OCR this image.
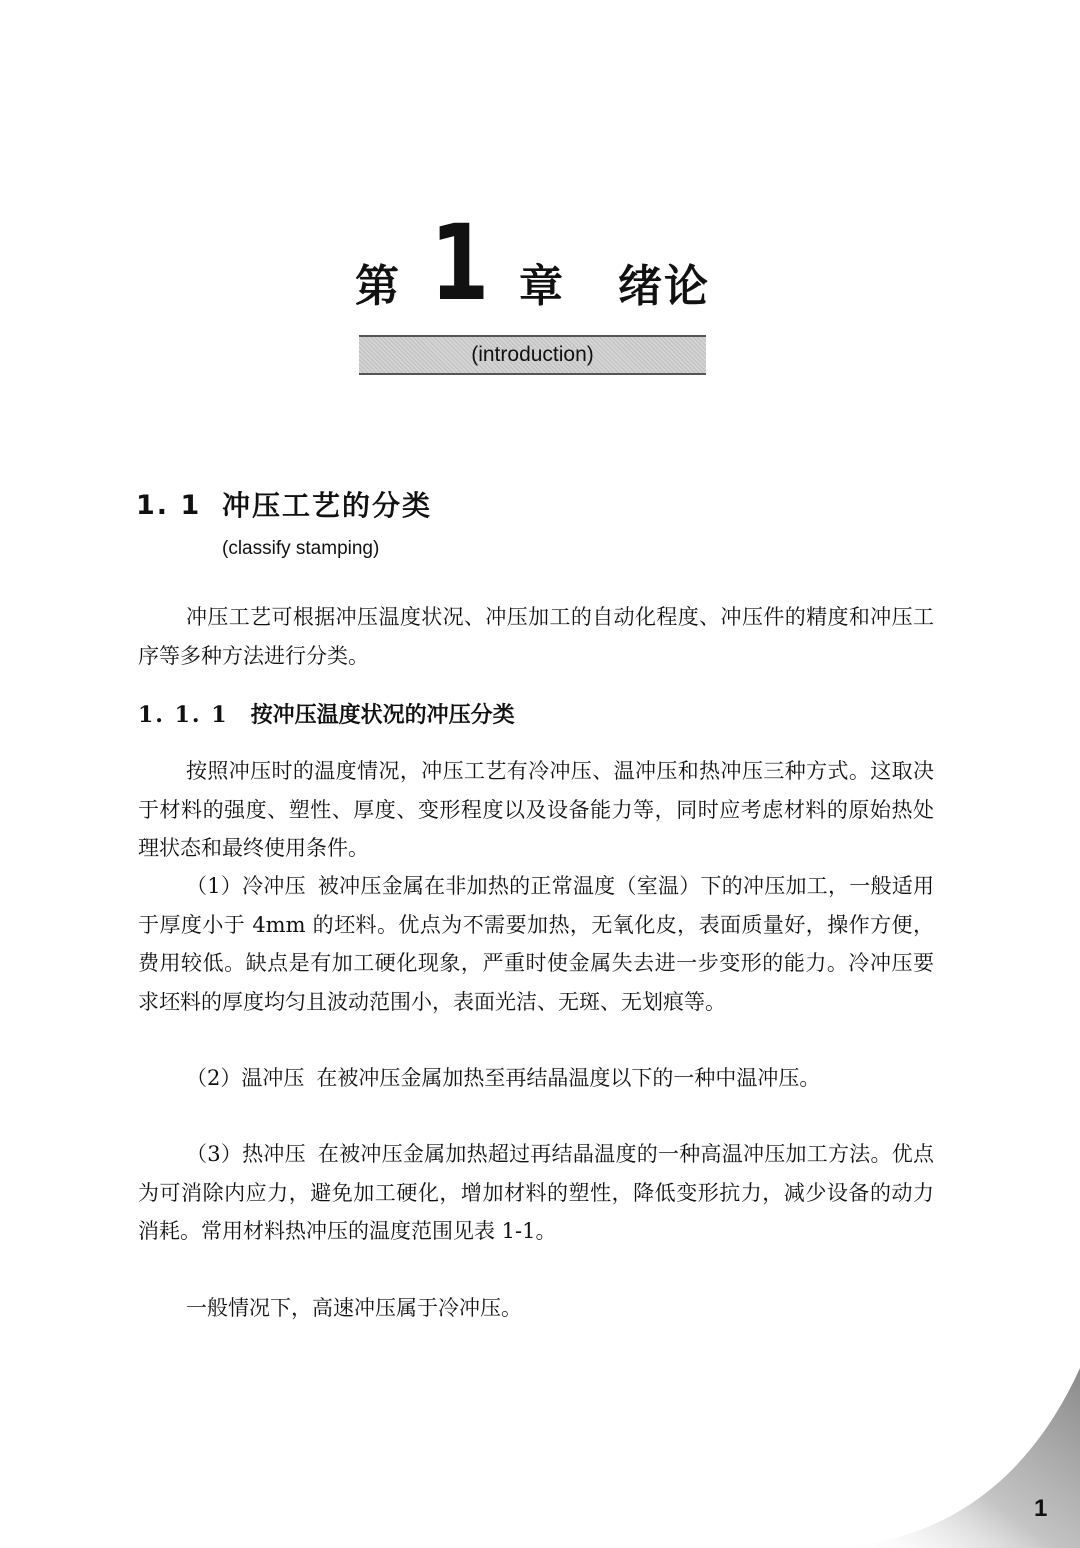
第 1 章 绪论
(introduction)
1. 1 冲压工艺的分类
(classify stamping)

冲压工艺可根据冲压温度状况、冲压加工的自动化程度、冲压件的精度和冲压工序等多种方法进行分类。

1. 1. 1 按冲压温度状况的冲压分类

按照冲压时的温度情况，冲压工艺有冷冲压、温冲压和热冲压三种方式。这取决于材料的强度、塑性、厚度、变形程度以及设备能力等，同时应考虑材料的原始热处理状态和最终使用条件。

（1）冷冲压 被冲压金属在非加热的正常温度（室温）下的冲压加工，一般适用于厚度小于 4mm 的坯料。优点为不需要加热，无氧化皮，表面质量好，操作方便，费用较低。缺点是有加工硬化现象，严重时使金属失去进一步变形的能力。冷冲压要求坯料的厚度均匀且波动范围小，表面光洁、无斑、无划痕等。

（2）温冲压 在被冲压金属加热至再结晶温度以下的一种中温冲压。

（3）热冲压 在被冲压金属加热超过再结晶温度的一种高温冲压加工方法。优点为可消除内应力，避免加工硬化，增加材料的塑性，降低变形抗力，减少设备的动力消耗。常用材料热冲压的温度范围见表 1-1。

一般情况下，高速冲压属于冷冲压。

1
